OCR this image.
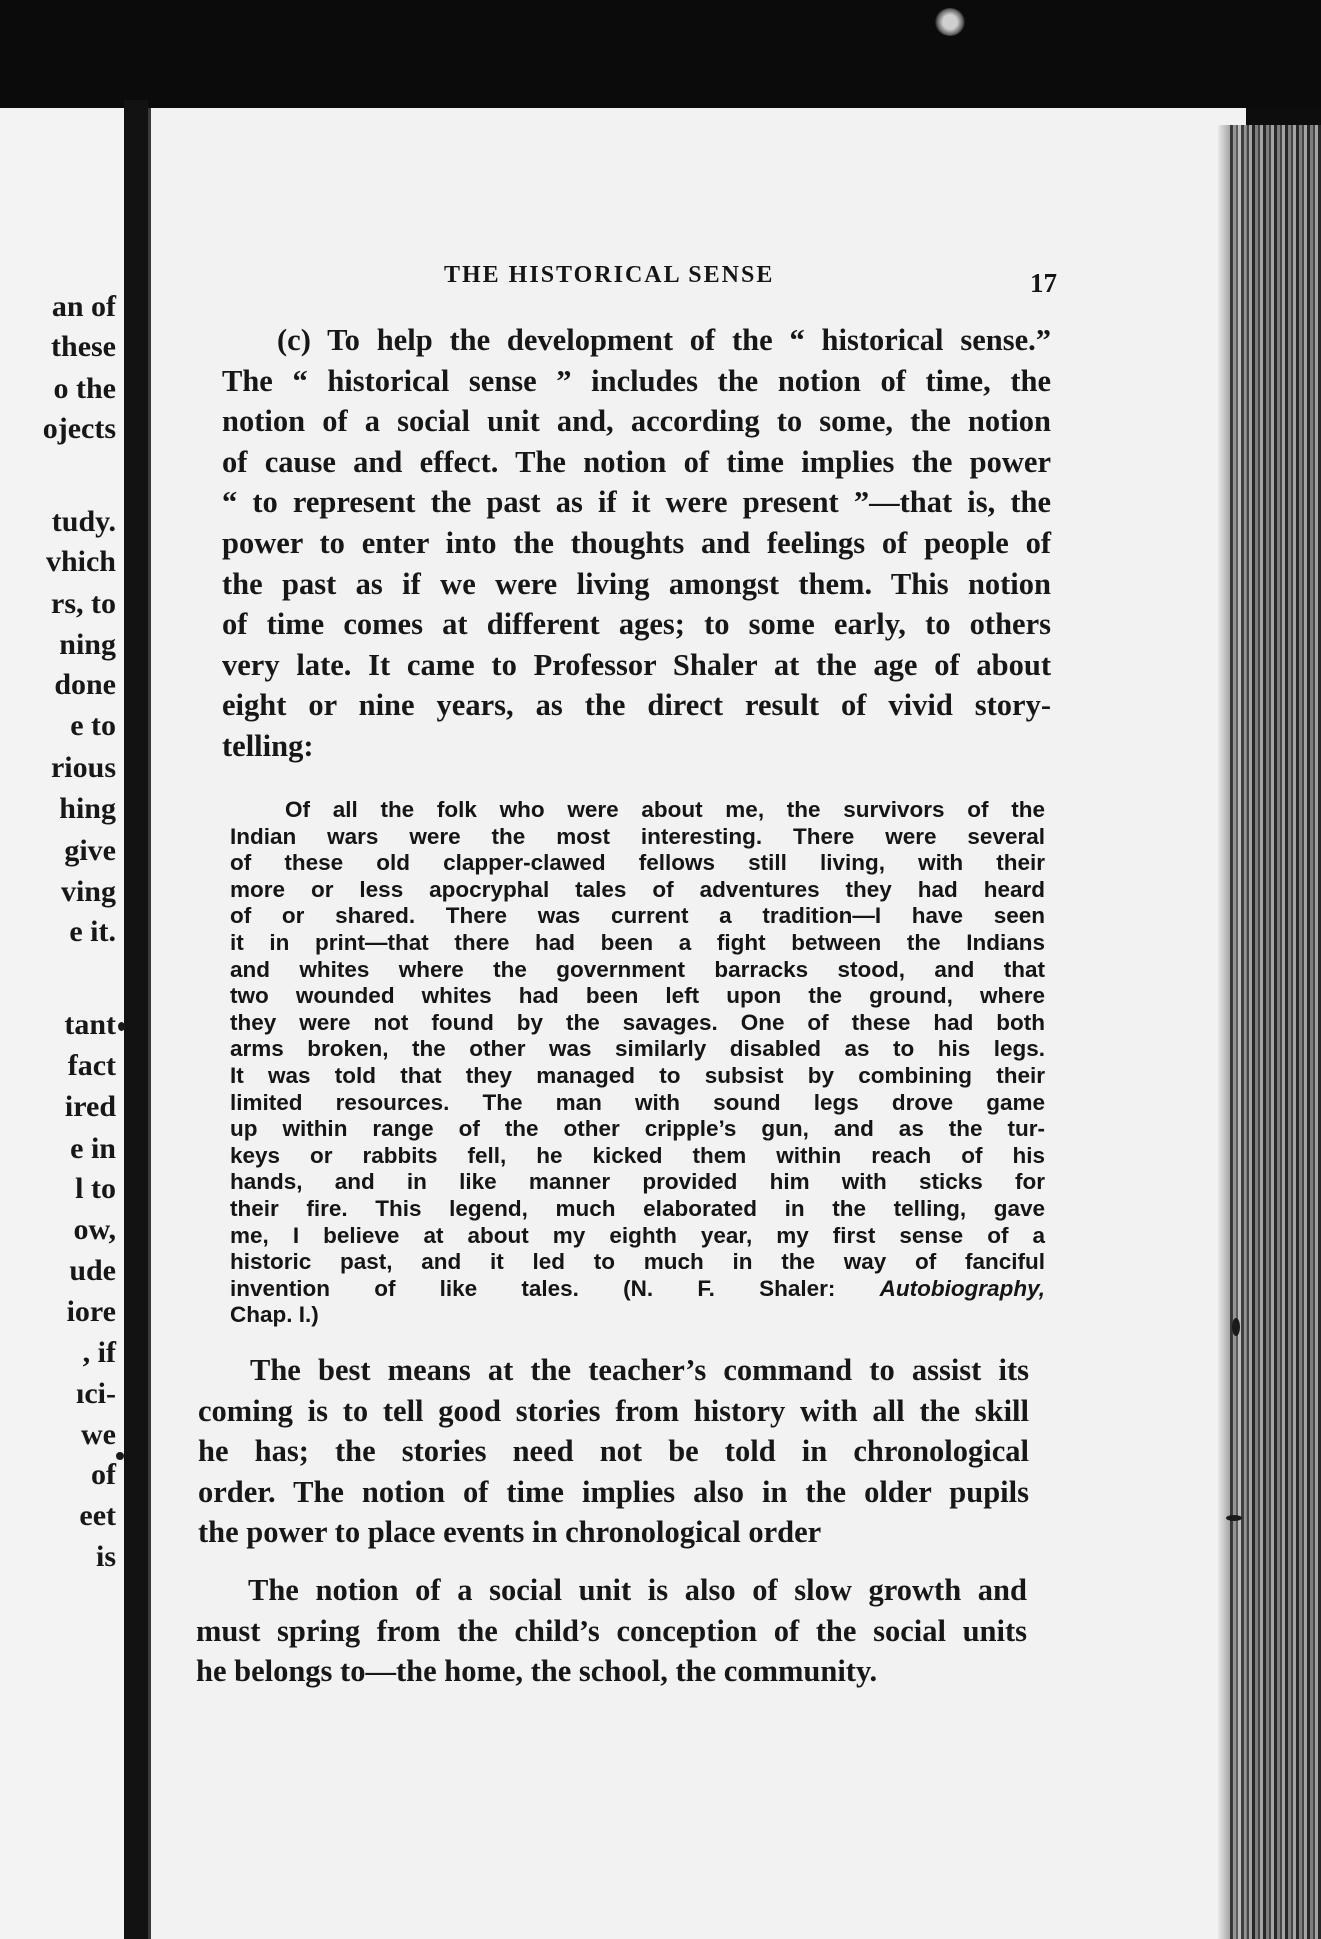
an of
these
o the
ojects
tudy.
vhich
rs, to
ning
done
e to
rious
hing
give
ving
e it.
tant
fact
ired
e in
l to
ow,
ude
iore
, if
ıci-
we
of
eet
is
THE HISTORICAL SENSE	17

(c) To help the development of the “ historical sense.”
The “ historical sense ” includes the notion of time, the
notion of a social unit and, according to some, the notion
of cause and effect. The notion of time implies the power
“ to represent the past as if it were present ”—that is, the
power to enter into the thoughts and feelings of people of
the past as if we were living amongst them. This notion
of time comes at different ages; to some early, to others
very late. It came to Professor Shaler at the age of about
eight or nine years, as the direct result of vivid story-
telling:

Of all the folk who were about me, the survivors of the
Indian wars were the most interesting. There were several
of these old clapper-clawed fellows still living, with their
more or less apocryphal tales of adventures they had heard
of or shared. There was current a tradition—I have seen
it in print—that there had been a fight between the Indians
and whites where the government barracks stood, and that
two wounded whites had been left upon the ground, where
they were not found by the savages. One of these had both
arms broken, the other was similarly disabled as to his legs.
It was told that they managed to subsist by combining their
limited resources. The man with sound legs drove game
up within range of the other cripple’s gun, and as the tur-
keys or rabbits fell, he kicked them within reach of his
hands, and in like manner provided him with sticks for
their fire. This legend, much elaborated in the telling, gave
me, I believe at about my eighth year, my first sense of a
historic past, and it led to much in the way of fanciful
invention of like tales. (N. F. Shaler: Autobiography,
Chap. I.)

The best means at the teacher’s command to assist its
coming is to tell good stories from history with all the skill
he has; the stories need not be told in chronological
order. The notion of time implies also in the older pupils
the power to place events in chronological order

The notion of a social unit is also of slow growth and
must spring from the child’s conception of the social units
he belongs to—the home, the school, the community.
